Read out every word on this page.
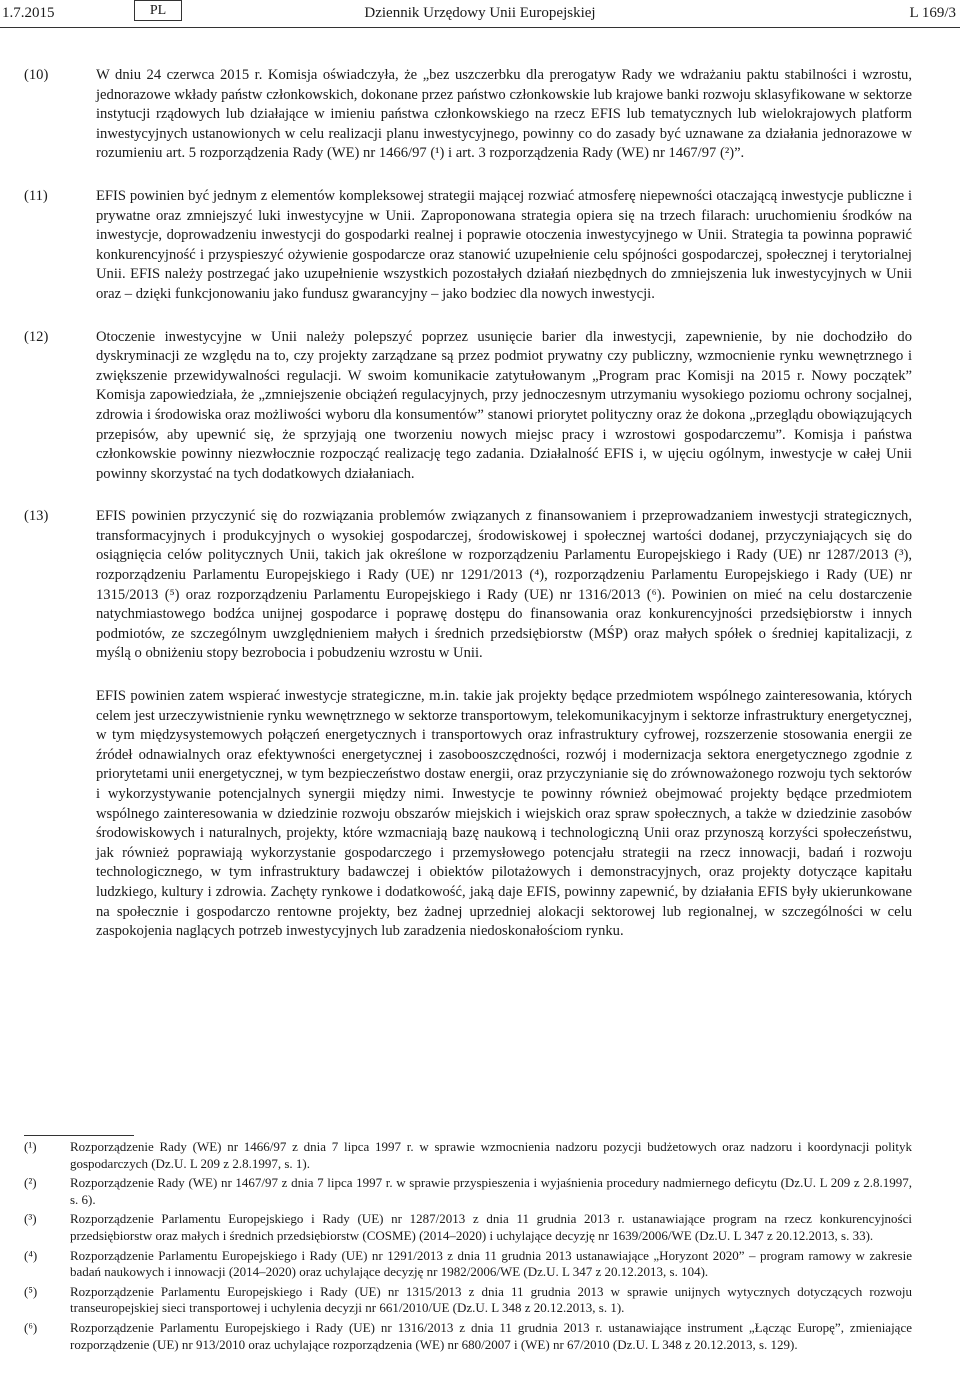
1.7.2015	PL	Dziennik Urzędowy Unii Europejskiej	L 169/3
(10)	W dniu 24 czerwca 2015 r. Komisja oświadczyła, że „bez uszczerbku dla prerogatyw Rady we wdrażaniu paktu stabilności i wzrostu, jednorazowe wkłady państw członkowskich, dokonane przez państwo członkowskie lub krajowe banki rozwoju sklasyfikowane w sektorze instytucji rządowych lub działające w imieniu państwa członkowskiego na rzecz EFIS lub tematycznych lub wielokrajowych platform inwestycyjnych ustanowionych w celu realizacji planu inwestycyjnego, powinny co do zasady być uznawane za działania jednorazowe w rozumieniu art. 5 rozporządzenia Rady (WE) nr 1466/97 (¹) i art. 3 rozporządzenia Rady (WE) nr 1467/97 (²)”.
(11)	EFIS powinien być jednym z elementów kompleksowej strategii mającej rozwiać atmosferę niepewności otaczającą inwestycje publiczne i prywatne oraz zmniejszyć luki inwestycyjne w Unii. Zaproponowana strategia opiera się na trzech filarach: uruchomieniu środków na inwestycje, doprowadzeniu inwestycji do gospodarki realnej i poprawie otoczenia inwestycyjnego w Unii. Strategia ta powinna poprawić konkurencyjność i przyspieszyć ożywienie gospodarcze oraz stanowić uzupełnienie celu spójności gospodarczej, społecznej i terytorialnej Unii. EFIS należy postrzegać jako uzupełnienie wszystkich pozostałych działań niezbędnych do zmniejszenia luk inwestycyjnych w Unii oraz – dzięki funkcjonowaniu jako fundusz gwarancyjny – jako bodziec dla nowych inwestycji.
(12)	Otoczenie inwestycyjne w Unii należy polepszyć poprzez usunięcie barier dla inwestycji, zapewnienie, by nie dochodziło do dyskryminacji ze względu na to, czy projekty zarządzane są przez podmiot prywatny czy publiczny, wzmocnienie rynku wewnętrznego i zwiększenie przewidywalności regulacji. W swoim komunikacie zatytułowanym „Program prac Komisji na 2015 r. Nowy początek” Komisja zapowiedziała, że „zmniejszenie obciążeń regulacyjnych, przy jednoczesnym utrzymaniu wysokiego poziomu ochrony socjalnej, zdrowia i środowiska oraz możliwości wyboru dla konsumentów” stanowi priorytet polityczny oraz że dokona „przeglądu obowiązujących przepisów, aby upewnić się, że sprzyjają one tworzeniu nowych miejsc pracy i wzrostowi gospodarczemu”. Komisja i państwa członkowskie powinny niezwłocznie rozpocząć realizację tego zadania. Działalność EFIS i, w ujęciu ogólnym, inwestycje w całej Unii powinny skorzystać na tych dodatkowych działaniach.
(13)	EFIS powinien przyczynić się do rozwiązania problemów związanych z finansowaniem i przeprowadzaniem inwestycji strategicznych, transformacyjnych i produkcyjnych o wysokiej gospodarczej, środowiskowej i społecznej wartości dodanej, przyczyniających się do osiągnięcia celów politycznych Unii, takich jak określone w rozporządzeniu Parlamentu Europejskiego i Rady (UE) nr 1287/2013 (³), rozporządzeniu Parlamentu Europejskiego i Rady (UE) nr 1291/2013 (⁴), rozporządzeniu Parlamentu Europejskiego i Rady (UE) nr 1315/2013 (⁵) oraz rozporządzeniu Parlamentu Europejskiego i Rady (UE) nr 1316/2013 (⁶). Powinien on mieć na celu dostarczenie natychmiastowego bodźca unijnej gospodarce i poprawę dostępu do finansowania oraz konkurencyjności przedsiębiorstw i innych podmiotów, ze szczególnym uwzględnieniem małych i średnich przedsiębiorstw (MŚP) oraz małych spółek o średniej kapitalizacji, z myślą o obniżeniu stopy bezrobocia i pobudzeniu wzrostu w Unii.
EFIS powinien zatem wspierać inwestycje strategiczne, m.in. takie jak projekty będące przedmiotem wspólnego zainteresowania, których celem jest urzeczywistnienie rynku wewnętrznego w sektorze transportowym, telekomunikacyjnym i sektorze infrastruktury energetycznej, w tym międzysystemowych połączeń energetycznych i transportowych oraz infrastruktury cyfrowej, rozszerzenie stosowania energii ze źródeł odnawialnych oraz efektywności energetycznej i zasobooszczędności, rozwój i modernizacja sektora energetycznego zgodnie z priorytetami unii energetycznej, w tym bezpieczeństwo dostaw energii, oraz przyczynianie się do zrównoważonego rozwoju tych sektorów i wykorzystywanie potencjalnych synergii między nimi. Inwestycje te powinny również obejmować projekty będące przedmiotem wspólnego zainteresowania w dziedzinie rozwoju obszarów miejskich i wiejskich oraz spraw społecznych, a także w dziedzinie zasobów środowiskowych i naturalnych, projekty, które wzmacniają bazę naukową i technologiczną Unii oraz przynoszą korzyści społeczeństwu, jak również poprawiają wykorzystanie gospodarczego i przemysłowego potencjału strategii na rzecz innowacji, badań i rozwoju technologicznego, w tym infrastruktury badawczej i obiektów pilotażowych i demonstracyjnych, oraz projekty dotyczące kapitału ludzkiego, kultury i zdrowia. Zachęty rynkowe i dodatkowość, jaką daje EFIS, powinny zapewnić, by działania EFIS były ukierunkowane na społecznie i gospodarczo rentowne projekty, bez żadnej uprzedniej alokacji sektorowej lub regionalnej, w szczególności w celu zaspokojenia naglących potrzeb inwestycyjnych lub zaradzenia niedoskonałościom rynku.
(¹)	Rozporządzenie Rady (WE) nr 1466/97 z dnia 7 lipca 1997 r. w sprawie wzmocnienia nadzoru pozycji budżetowych oraz nadzoru i koordynacji polityk gospodarczych (Dz.U. L 209 z 2.8.1997, s. 1).
(²)	Rozporządzenie Rady (WE) nr 1467/97 z dnia 7 lipca 1997 r. w sprawie przyspieszenia i wyjaśnienia procedury nadmiernego deficytu (Dz.U. L 209 z 2.8.1997, s. 6).
(³)	Rozporządzenie Parlamentu Europejskiego i Rady (UE) nr 1287/2013 z dnia 11 grudnia 2013 r. ustanawiające program na rzecz konkurencyjności przedsiębiorstw oraz małych i średnich przedsiębiorstw (COSME) (2014–2020) i uchylające decyzję nr 1639/2006/WE (Dz.U. L 347 z 20.12.2013, s. 33).
(⁴)	Rozporządzenie Parlamentu Europejskiego i Rady (UE) nr 1291/2013 z dnia 11 grudnia 2013 ustanawiające „Horyzont 2020” – program ramowy w zakresie badań naukowych i innowacji (2014–2020) oraz uchylające decyzję nr 1982/2006/WE (Dz.U. L 347 z 20.12.2013, s. 104).
(⁵)	Rozporządzenie Parlamentu Europejskiego i Rady (UE) nr 1315/2013 z dnia 11 grudnia 2013 w sprawie unijnych wytycznych dotyczących rozwoju transeuropejskiej sieci transportowej i uchylenia decyzji nr 661/2010/UE (Dz.U. L 348 z 20.12.2013, s. 1).
(⁶)	Rozporządzenie Parlamentu Europejskiego i Rady (UE) nr 1316/2013 z dnia 11 grudnia 2013 r. ustanawiające instrument „Łącząc Europę”, zmieniające rozporządzenie (UE) nr 913/2010 oraz uchylające rozporządzenia (WE) nr 680/2007 i (WE) nr 67/2010 (Dz.U. L 348 z 20.12.2013, s. 129).
